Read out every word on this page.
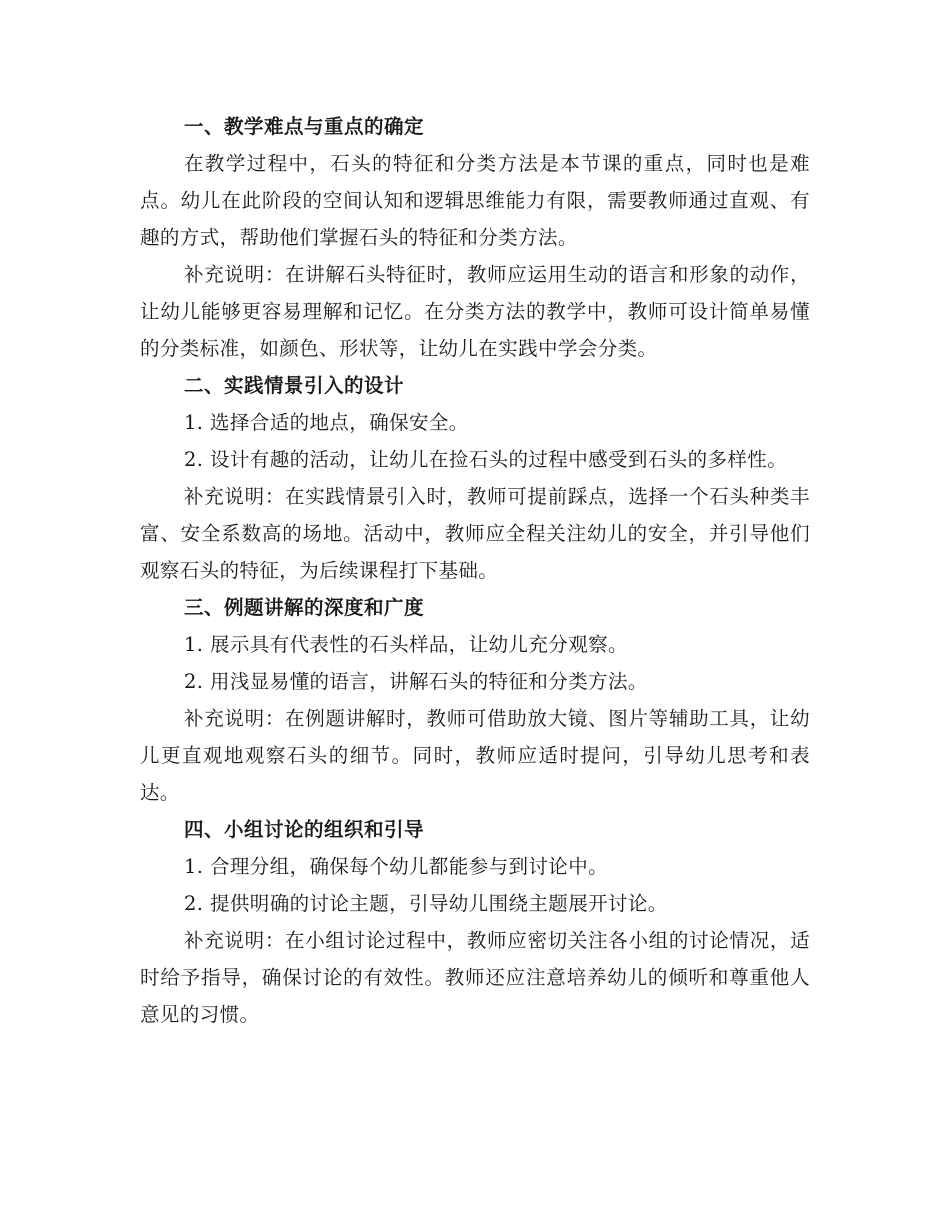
一、教学难点与重点的确定

在教学过程中，石头的特征和分类方法是本节课的重点，同时也是难点。幼儿在此阶段的空间认知和逻辑思维能力有限，需要教师通过直观、有趣的方式，帮助他们掌握石头的特征和分类方法。

补充说明：在讲解石头特征时，教师应运用生动的语言和形象的动作，让幼儿能够更容易理解和记忆。在分类方法的教学中，教师可设计简单易懂的分类标准，如颜色、形状等，让幼儿在实践中学会分类。

二、实践情景引入的设计

1. 选择合适的地点，确保安全。

2. 设计有趣的活动，让幼儿在捡石头的过程中感受到石头的多样性。

补充说明：在实践情景引入时，教师可提前踩点，选择一个石头种类丰富、安全系数高的场地。活动中，教师应全程关注幼儿的安全，并引导他们观察石头的特征，为后续课程打下基础。

三、例题讲解的深度和广度

1. 展示具有代表性的石头样品，让幼儿充分观察。

2. 用浅显易懂的语言，讲解石头的特征和分类方法。

补充说明：在例题讲解时，教师可借助放大镜、图片等辅助工具，让幼儿更直观地观察石头的细节。同时，教师应适时提问，引导幼儿思考和表达。

四、小组讨论的组织和引导

1. 合理分组，确保每个幼儿都能参与到讨论中。

2. 提供明确的讨论主题，引导幼儿围绕主题展开讨论。

补充说明：在小组讨论过程中，教师应密切关注各小组的讨论情况，适时给予指导，确保讨论的有效性。教师还应注意培养幼儿的倾听和尊重他人意见的习惯。
